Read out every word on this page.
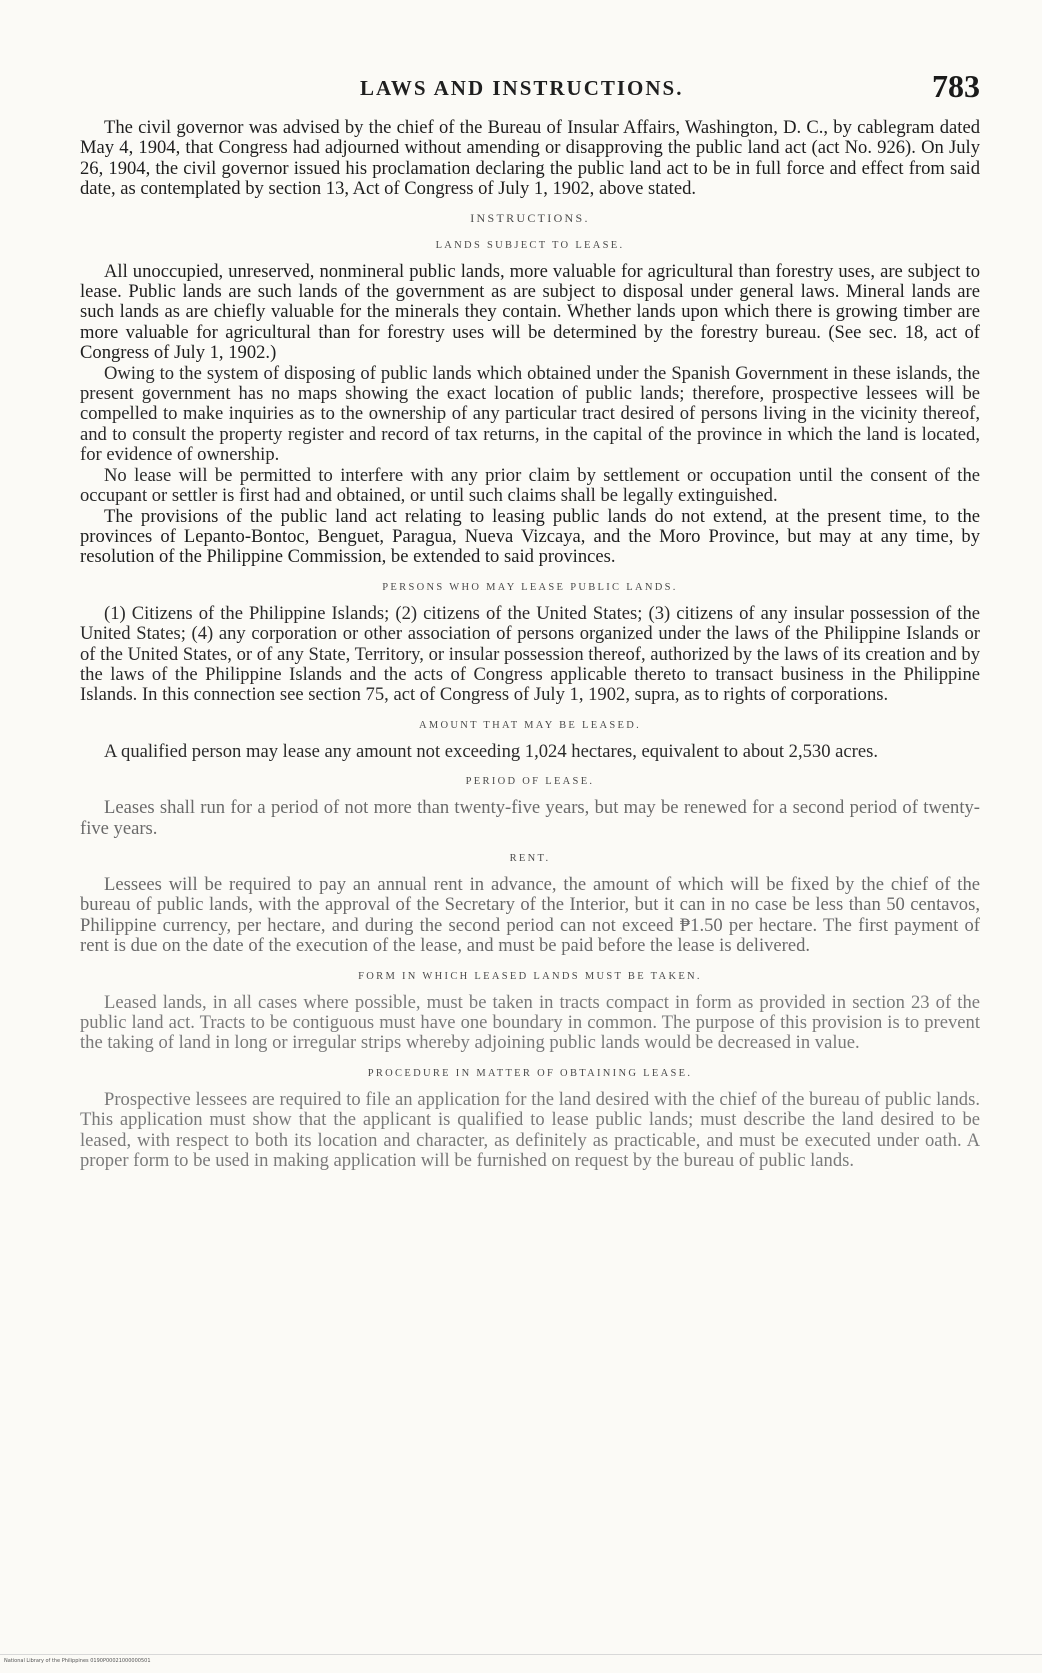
LAWS AND INSTRUCTIONS.	783

The civil governor was advised by the chief of the Bureau of Insular Affairs, Washington, D. C., by cablegram dated May 4, 1904, that Congress had adjourned without amending or disapproving the public land act (act No. 926). On July 26, 1904, the civil governor issued his proclamation declaring the public land act to be in full force and effect from said date, as contemplated by section 13, Act of Congress of July 1, 1902, above stated.

INSTRUCTIONS.
LANDS SUBJECT TO LEASE.

All unoccupied, unreserved, nonmineral public lands, more valuable for agricultural than forestry uses, are subject to lease. Public lands are such lands of the government as are subject to disposal under general laws. Mineral lands are such lands as are chiefly valuable for the minerals they contain. Whether lands upon which there is growing timber are more valuable for agricultural than for forestry uses will be determined by the forestry bureau. (See sec. 18, act of Congress of July 1, 1902.)

Owing to the system of disposing of public lands which obtained under the Spanish Government in these islands, the present government has no maps showing the exact location of public lands; therefore, prospective lessees will be compelled to make inquiries as to the ownership of any particular tract desired of persons living in the vicinity thereof, and to consult the property register and record of tax returns, in the capital of the province in which the land is located, for evidence of ownership.

No lease will be permitted to interfere with any prior claim by settlement or occupation until the consent of the occupant or settler is first had and obtained, or until such claims shall be legally extinguished.

The provisions of the public land act relating to leasing public lands do not extend, at the present time, to the provinces of Lepanto-Bontoc, Benguet, Paragua, Nueva Vizcaya, and the Moro Province, but may at any time, by resolution of the Philippine Commission, be extended to said provinces.

PERSONS WHO MAY LEASE PUBLIC LANDS.

(1) Citizens of the Philippine Islands; (2) citizens of the United States; (3) citizens of any insular possession of the United States; (4) any corporation or other association of persons organized under the laws of the Philippine Islands or of the United States, or of any State, Territory, or insular possession thereof, authorized by the laws of its creation and by the laws of the Philippine Islands and the acts of Congress applicable thereto to transact business in the Philippine Islands. In this connection see section 75, act of Congress of July 1, 1902, supra, as to rights of corporations.

AMOUNT THAT MAY BE LEASED.

A qualified person may lease any amount not exceeding 1,024 hectares, equivalent to about 2,530 acres.

PERIOD OF LEASE.

Leases shall run for a period of not more than twenty-five years, but may be renewed for a second period of twenty-five years.

RENT.

Lessees will be required to pay an annual rent in advance, the amount of which will be fixed by the chief of the bureau of public lands, with the approval of the Secretary of the Interior, but it can in no case be less than 50 centavos, Philippine currency, per hectare, and during the second period can not exceed ₱1.50 per hectare. The first payment of rent is due on the date of the execution of the lease, and must be paid before the lease is delivered.

FORM IN WHICH LEASED LANDS MUST BE TAKEN.

Leased lands, in all cases where possible, must be taken in tracts compact in form as provided in section 23 of the public land act. Tracts to be contiguous must have one boundary in common. The purpose of this provision is to prevent the taking of land in long or irregular strips whereby adjoining public lands would be decreased in value.

PROCEDURE IN MATTER OF OBTAINING LEASE.

Prospective lessees are required to file an application for the land desired with the chief of the bureau of public lands. This application must show that the applicant is qualified to lease public lands; must describe the land desired to be leased, with respect to both its location and character, as definitely as practicable, and must be executed under oath. A proper form to be used in making application will be furnished on request by the bureau of public lands.

National Library of the Philippines 0190P00021000000501
